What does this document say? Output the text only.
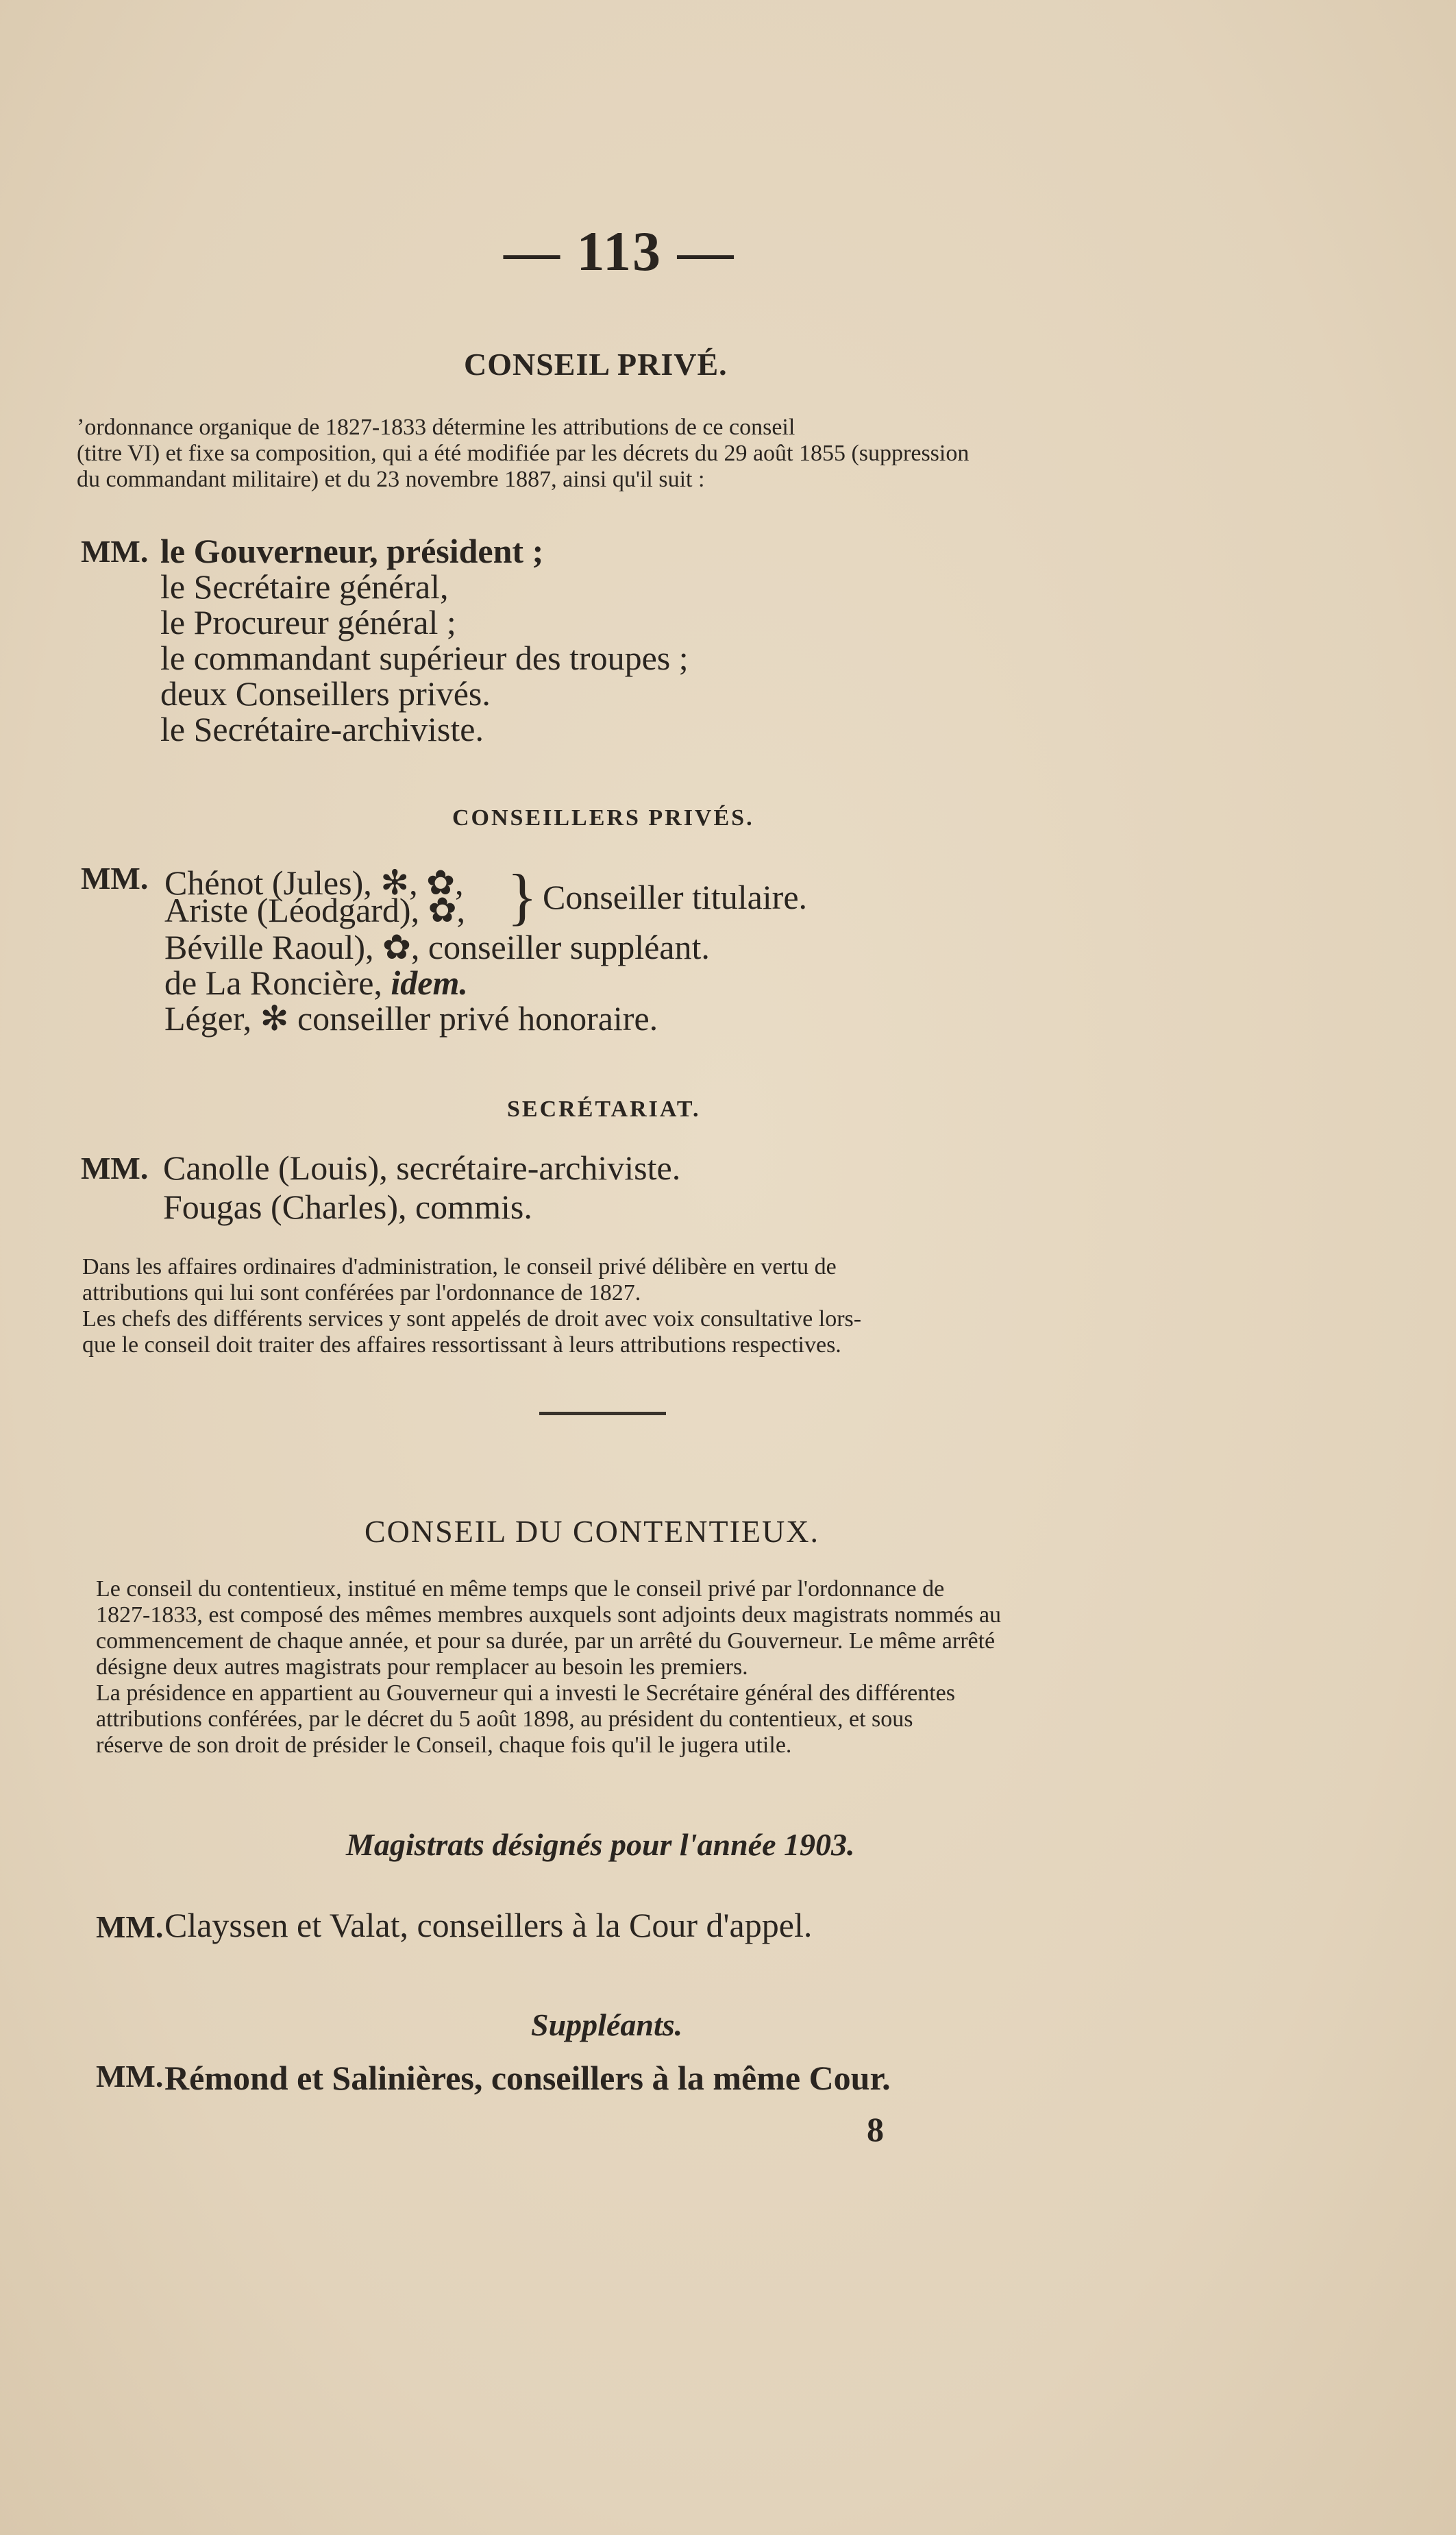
— 113 —
CONSEIL PRIVÉ.
ʼordonnance organique de 1827-1833 détermine les attributions de ce conseil
(titre VI) et fixe sa composition, qui a été modifiée par les décrets du 29 août 1855 (suppression
du commandant militaire) et du 23 novembre 1887, ainsi qu'il suit :
MM. le Gouverneur, président ;
le Secrétaire général,
le Procureur général ;
le commandant supérieur des troupes ;
deux Conseillers privés.
le Secrétaire-archiviste.
CONSEILLERS PRIVÉS.
MM. Chénot (Jules), ✻, ✿,
Ariste (Léodgard), ✿, } Conseiller titulaire.
Béville Raoul), ✿, conseiller suppléant.
de La Roncière, idem.
Léger, ✻ conseiller privé honoraire.
SECRÉTARIAT.
MM. Canolle (Louis), secrétaire-archiviste.
Fougas (Charles), commis.
Dans les affaires ordinaires d'administration, le conseil privé délibère en vertu de
attributions qui lui sont conférées par l'ordonnance de 1827.
Les chefs des différents services y sont appelés de droit avec voix consultative lors-
que le conseil doit traiter des affaires ressortissant à leurs attributions respectives.
CONSEIL DU CONTENTIEUX.
Le conseil du contentieux, institué en même temps que le conseil privé par l'ordonnance de
1827-1833, est composé des mêmes membres auxquels sont adjoints deux magistrats nommés au
commencement de chaque année, et pour sa durée, par un arrêté du Gouverneur. Le même arrêté
désigne deux autres magistrats pour remplacer au besoin les premiers.
La présidence en appartient au Gouverneur qui a investi le Secrétaire général des différentes
attributions conférées, par le décret du 5 août 1898, au président du contentieux, et sous
réserve de son droit de présider le Conseil, chaque fois qu'il le jugera utile.
Magistrats désignés pour l'année 1903.
MM. Clayssen et Valat, conseillers à la Cour d'appel.
Suppléants.
MM. Rémond et Salinières, conseillers à la même Cour.
8
